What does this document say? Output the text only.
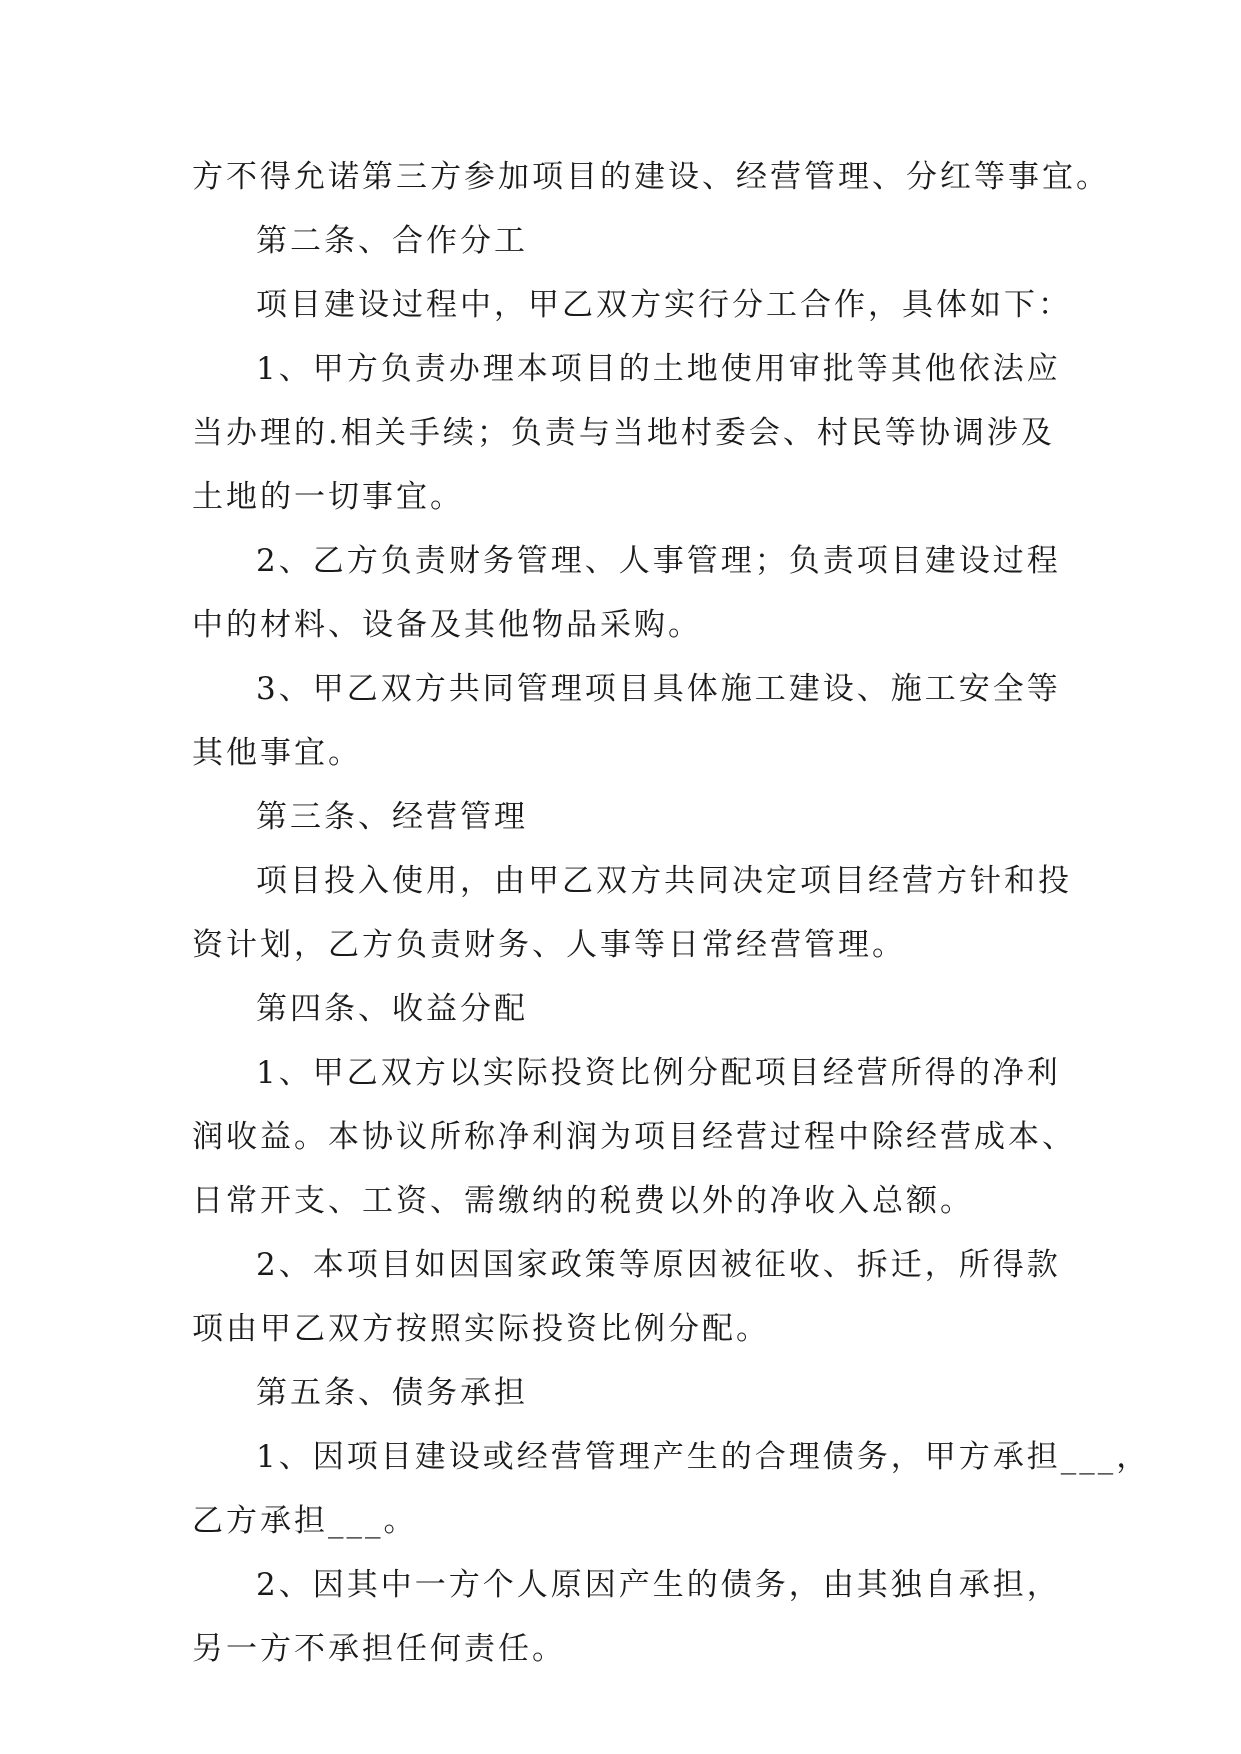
方不得允诺第三方参加项目的建设、经营管理、分红等事宜。
第二条、合作分工
项目建设过程中，甲乙双方实行分工合作，具体如下：
1、甲方负责办理本项目的土地使用审批等其他依法应
当办理的.相关手续；负责与当地村委会、村民等协调涉及
土地的一切事宜。
2、乙方负责财务管理、人事管理；负责项目建设过程
中的材料、设备及其他物品采购。
3、甲乙双方共同管理项目具体施工建设、施工安全等
其他事宜。
第三条、经营管理
项目投入使用，由甲乙双方共同决定项目经营方针和投
资计划，乙方负责财务、人事等日常经营管理。
第四条、收益分配
1、甲乙双方以实际投资比例分配项目经营所得的净利
润收益。本协议所称净利润为项目经营过程中除经营成本、
日常开支、工资、需缴纳的税费以外的净收入总额。
2、本项目如因国家政策等原因被征收、拆迁，所得款
项由甲乙双方按照实际投资比例分配。
第五条、债务承担
1、因项目建设或经营管理产生的合理债务，甲方承担___，
乙方承担___。
2、因其中一方个人原因产生的债务，由其独自承担，
另一方不承担任何责任。
